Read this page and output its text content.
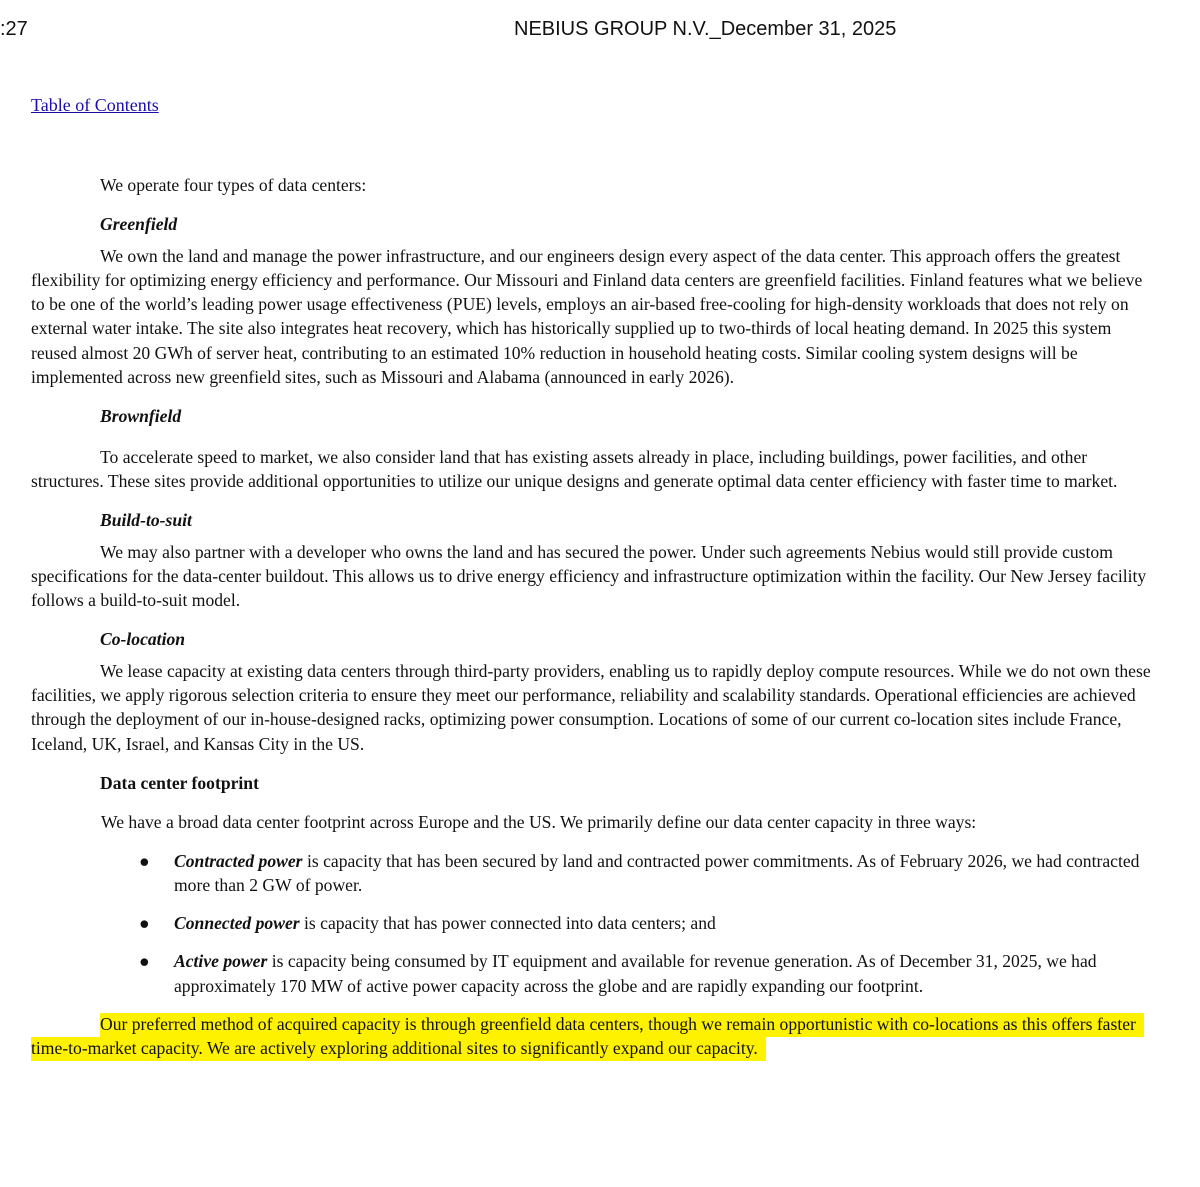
:27	NEBIUS GROUP N.V._December 31, 2025
Table of Contents

We operate four types of data centers:

Greenfield

We own the land and manage the power infrastructure, and our engineers design every aspect of the data center. This approach offers the greatest flexibility for optimizing energy efficiency and performance. Our Missouri and Finland data centers are greenfield facilities. Finland features what we believe to be one of the world’s leading power usage effectiveness (PUE) levels, employs an air-based free-cooling for high-density workloads that does not rely on external water intake. The site also integrates heat recovery, which has historically supplied up to two-thirds of local heating demand. In 2025 this system reused almost 20 GWh of server heat, contributing to an estimated 10% reduction in household heating costs. Similar cooling system designs will be implemented across new greenfield sites, such as Missouri and Alabama (announced in early 2026).

Brownfield

To accelerate speed to market, we also consider land that has existing assets already in place, including buildings, power facilities, and other structures. These sites provide additional opportunities to utilize our unique designs and generate optimal data center efficiency with faster time to market.

Build-to-suit

We may also partner with a developer who owns the land and has secured the power. Under such agreements Nebius would still provide custom specifications for the data-center buildout. This allows us to drive energy efficiency and infrastructure optimization within the facility. Our New Jersey facility follows a build-to-suit model.

Co-location

We lease capacity at existing data centers through third-party providers, enabling us to rapidly deploy compute resources. While we do not own these facilities, we apply rigorous selection criteria to ensure they meet our performance, reliability and scalability standards. Operational efficiencies are achieved through the deployment of our in-house-designed racks, optimizing power consumption. Locations of some of our current co-location sites include France, Iceland, UK, Israel, and Kansas City in the US.

Data center footprint

We have a broad data center footprint across Europe and the US. We primarily define our data center capacity in three ways:

● Contracted power is capacity that has been secured by land and contracted power commitments. As of February 2026, we had contracted more than 2 GW of power.
● Connected power is capacity that has power connected into data centers; and
● Active power is capacity being consumed by IT equipment and available for revenue generation. As of December 31, 2025, we had approximately 170 MW of active power capacity across the globe and are rapidly expanding our footprint.

Our preferred method of acquired capacity is through greenfield data centers, though we remain opportunistic with co-locations as this offers faster time-to-market capacity. We are actively exploring additional sites to significantly expand our capacity.
